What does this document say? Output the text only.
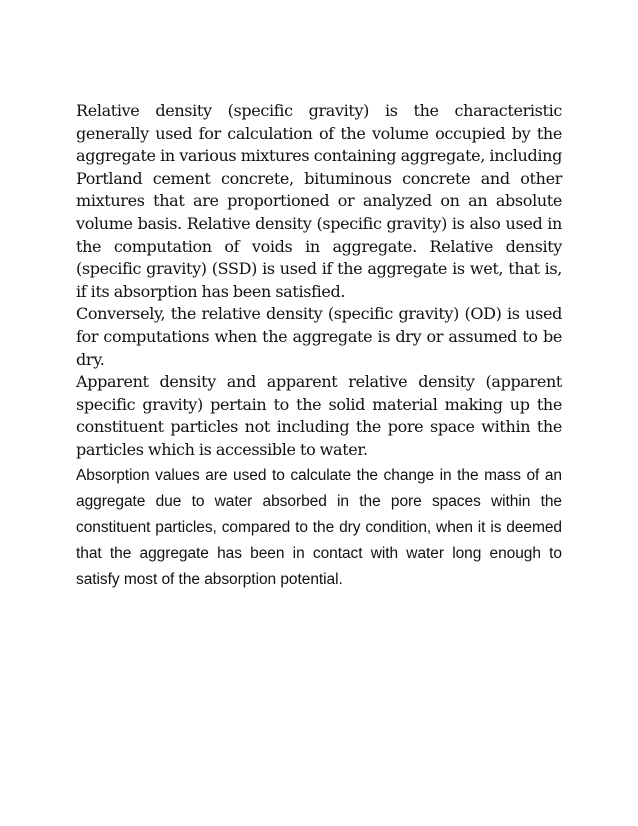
Relative density (specific gravity) is the characteristic generally used for calculation of the volume occupied by the aggregate in various mixtures containing aggregate, including Portland cement concrete, bituminous concrete and other mixtures that are proportioned or analyzed on an absolute volume basis. Relative density (specific gravity) is also used in the computation of voids in aggregate. Relative density (specific gravity) (SSD) is used if the aggregate is wet, that is, if its absorption has been satisfied.

Conversely, the relative density (specific gravity) (OD) is used for computations when the aggregate is dry or assumed to be dry.

Apparent density and apparent relative density (apparent specific gravity) pertain to the solid material making up the constituent particles not including the pore space within the particles which is accessible to water.

Absorption values are used to calculate the change in the mass of an aggregate due to water absorbed in the pore spaces within the constituent particles, compared to the dry condition, when it is deemed that the aggregate has been in contact with water long enough to satisfy most of the absorption potential.
